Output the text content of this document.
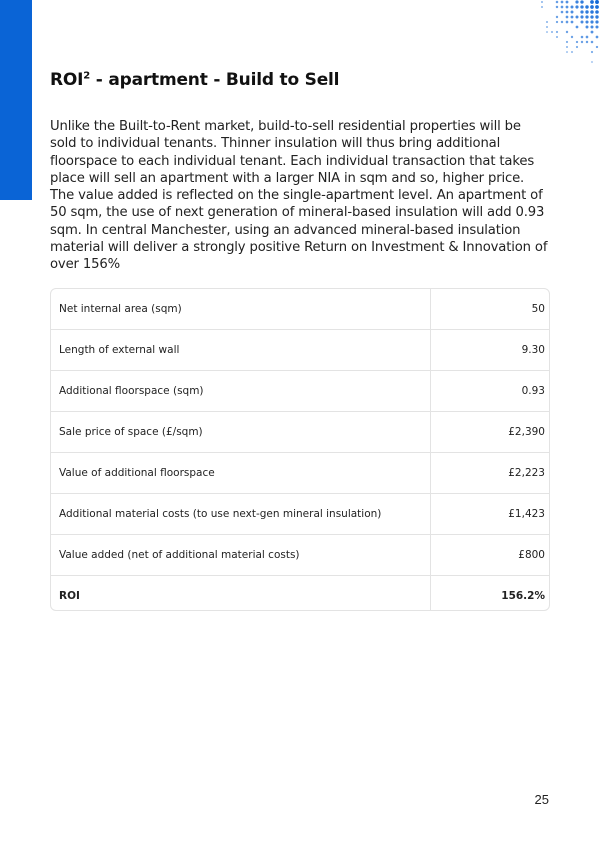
ROI$^2$ - apartment - Build to Sell

Unlike the Built-to-Rent market, build-to-sell residential properties will be sold to individual tenants. Thinner insulation will thus bring additional floorspace to each individual tenant. Each individual transaction that takes place will sell an apartment with a larger NIA in sqm and so, higher price.

The value added is reflected on the single-apartment level. An apartment of 50 sqm, the use of next generation of mineral-based insulation will add 0.93 sqm. In central Manchester, using an advanced mineral-based insulation material will deliver a strongly positive Return on Investment & Innovation of over 156%

Net internal area (sqm)	50
Length of external wall	9.30
Additional floorspace (sqm)	0.93
Sale price of space (£/sqm)	£2,390
Value of additional floorspace	£2,223
Additional material costs (to use next-gen mineral insulation)	£1,423
Value added (net of additional material costs)	£800
ROI	156.2%
25
